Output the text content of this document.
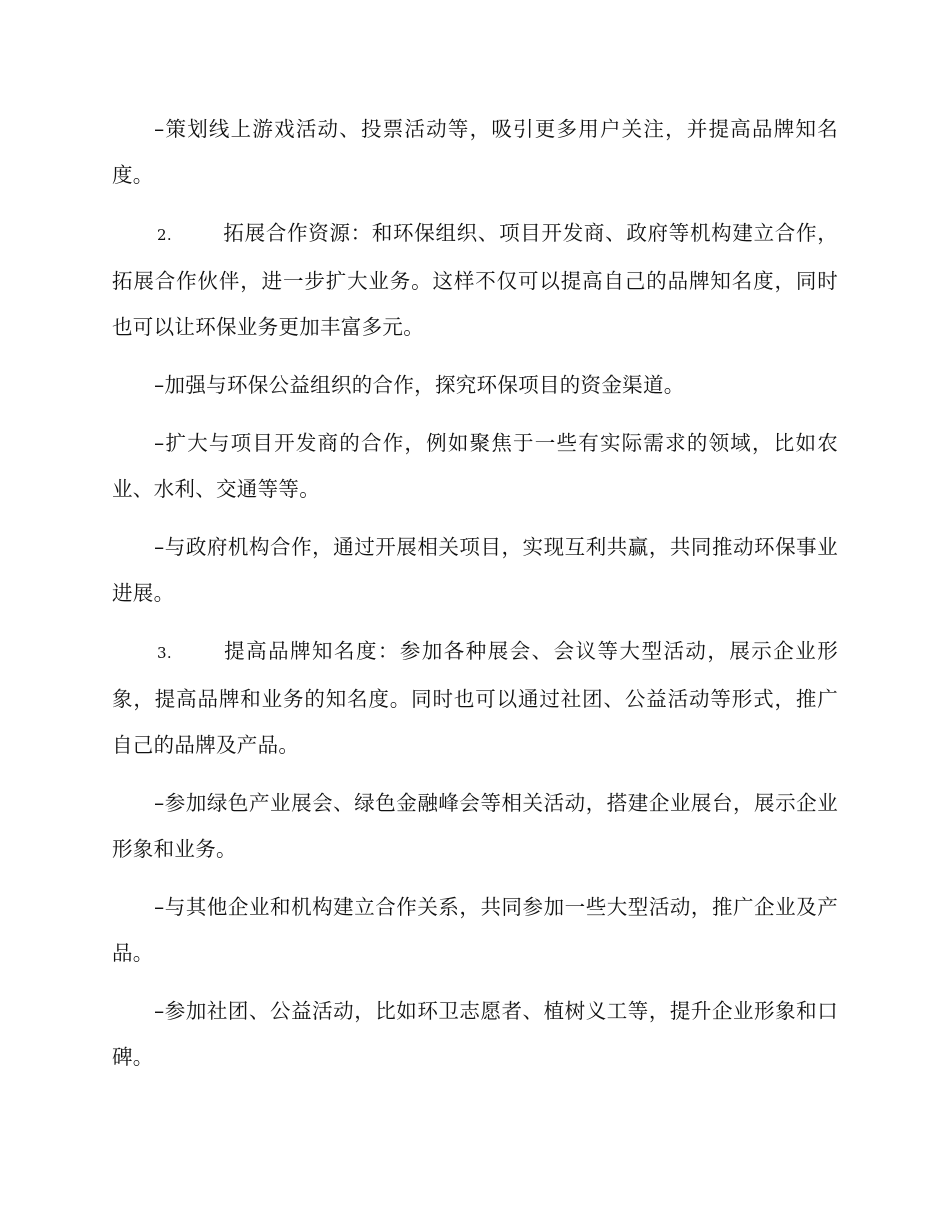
–策划线上游戏活动、投票活动等，吸引更多用户关注，并提高品牌知名度。

2. 拓展合作资源：和环保组织、项目开发商、政府等机构建立合作，拓展合作伙伴，进一步扩大业务。这样不仅可以提高自己的品牌知名度，同时也可以让环保业务更加丰富多元。

–加强与环保公益组织的合作，探究环保项目的资金渠道。

–扩大与项目开发商的合作，例如聚焦于一些有实际需求的领域，比如农业、水利、交通等等。

–与政府机构合作，通过开展相关项目，实现互利共赢，共同推动环保事业进展。

3. 提高品牌知名度：参加各种展会、会议等大型活动，展示企业形象，提高品牌和业务的知名度。同时也可以通过社团、公益活动等形式，推广自己的品牌及产品。

–参加绿色产业展会、绿色金融峰会等相关活动，搭建企业展台，展示企业形象和业务。

–与其他企业和机构建立合作关系，共同参加一些大型活动，推广企业及产品。

–参加社团、公益活动，比如环卫志愿者、植树义工等，提升企业形象和口碑。
